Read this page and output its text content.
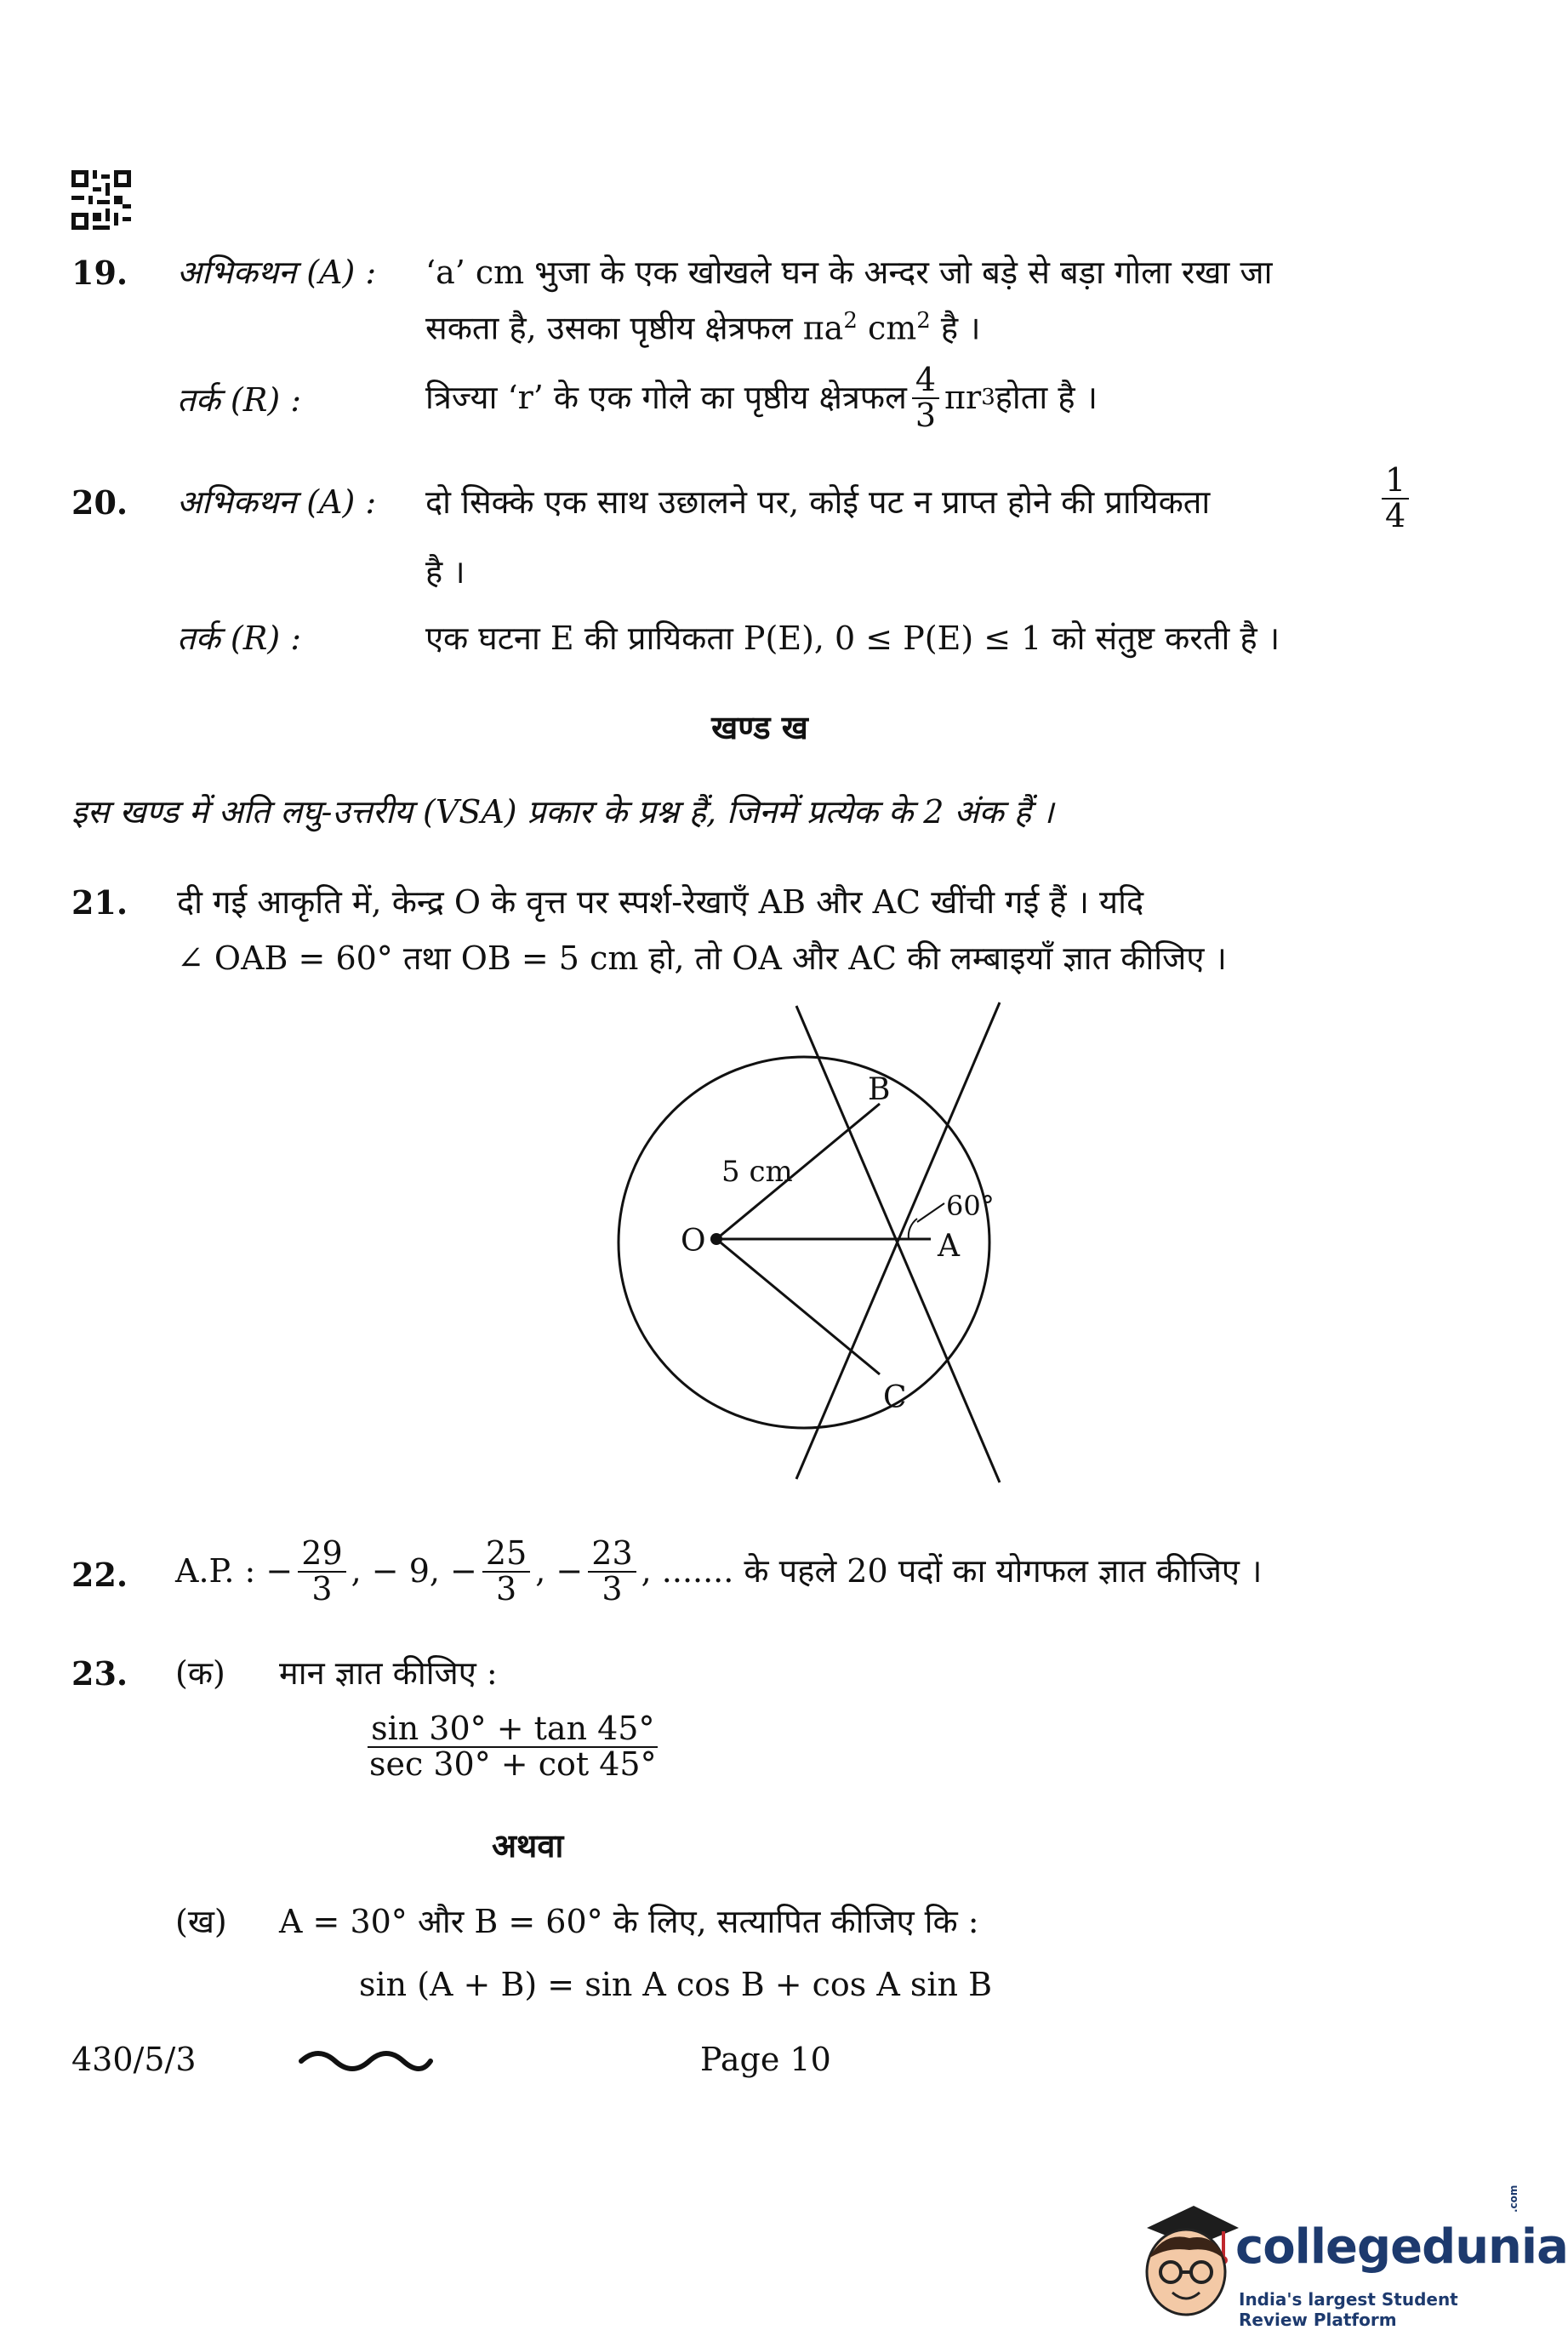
19. अभिकथन (A) : ‘a’ cm भुजा के एक खोखले घन के अन्दर जो बड़े से बड़ा गोला रखा जा
सकता है, उसका पृष्ठीय क्षेत्रफल $\pi a^2$ $cm^2$ है ।
तर्क (R) :	त्रिज्या ‘r’ के एक गोले का पृष्ठीय क्षेत्रफल $\frac{4}{3}$ πr 3 होता है ।
20. अभिकथन (A) : दो सिक्के एक साथ उछालने पर, कोई पट न प्राप्त होने की प्रायिकता	$\frac{1}{4}$
है ।
तर्क (R) :	एक घटना E की प्रायिकता P(E), 0 ≤ P(E) ≤ 1 को संतुष्ट करती है ।
खण्ड ख
इस खण्ड में अति लघु-उत्तरीय (VSA) प्रकार के प्रश्न हैं, जिनमें प्रत्येक के 2 अंक हैं ।
21. दी गई आकृति में, केन्द्र O के वृत्त पर स्पर्श-रेखाएँ AB और AC खींची गई हैं । यदि
∠ OAB = 60° तथा OB = 5 cm हो, तो OA और AC की लम्बाइयाँ ज्ञात कीजिए ।
B
O	A
C
5 cm
60°
22. A.P. : − $\frac{29}{3}$ , − 9, − $\frac{25}{3}$ , − $\frac{23}{3}$ , ....... के पहले 20 पदों का योगफल ज्ञात कीजिए ।
23. (क) मान ज्ञात कीजिए :
$\frac{\sin 30^\circ + \tan 45^\circ}{\sec 30^\circ + \cot 45^\circ}$
अथवा
(ख) A = 30° और B = 60° के लिए, सत्यापित कीजिए कि :
sin (A + B) = sin A cos B + cos A sin B
430/5/3	Page 10
collegedunia
.com
India's largest Student Review Platform
